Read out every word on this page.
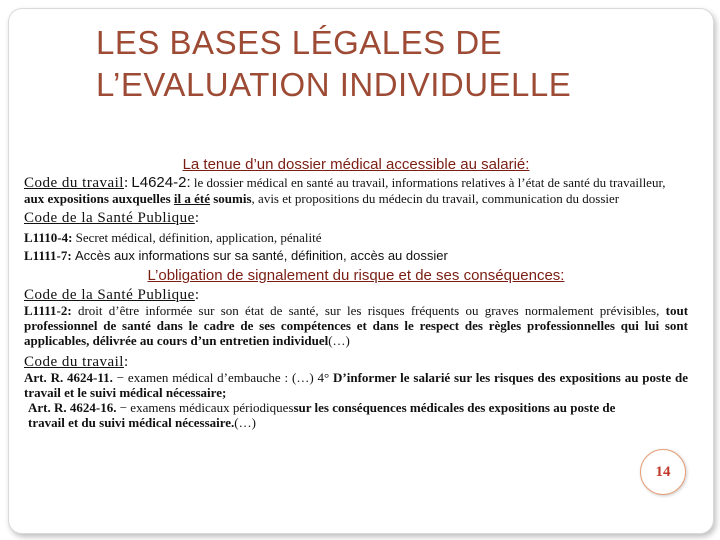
LES BASES LÉGALES DE
L’EVALUATION INDIVIDUELLE

La tenue d’un dossier médical accessible au salarié:

Code du travail: L4624-2: le dossier médical en santé au travail, informations relatives à l’état de santé du travailleur, aux expositions auxquelles il a été soumis, avis et propositions du médecin du travail, communication du dossier

Code de la Santé Publique:

L1110-4: Secret médical, définition, application, pénalité

L1111-7: Accès aux informations sur sa santé, définition, accès au dossier

L’obligation de signalement du risque et de ses conséquences:

Code de la Santé Publique:

L1111-2: droit d’être informée sur son état de santé, sur les risques fréquents ou graves normalement prévisibles, tout professionnel de santé dans le cadre de ses compétences et dans le respect des règles professionnelles qui lui sont applicables, délivrée au cours d’un entretien individuel(…)

Code du travail:

Art. R. 4624-11. − examen médical d’embauche : (…) 4° D’informer le salarié sur les risques des expositions au poste de travail et le suivi médical nécessaire;

Art. R. 4624-16. − examens médicaux périodiquessur les conséquences médicales des expositions au poste de travail et du suivi médical nécessaire.(…)

14
